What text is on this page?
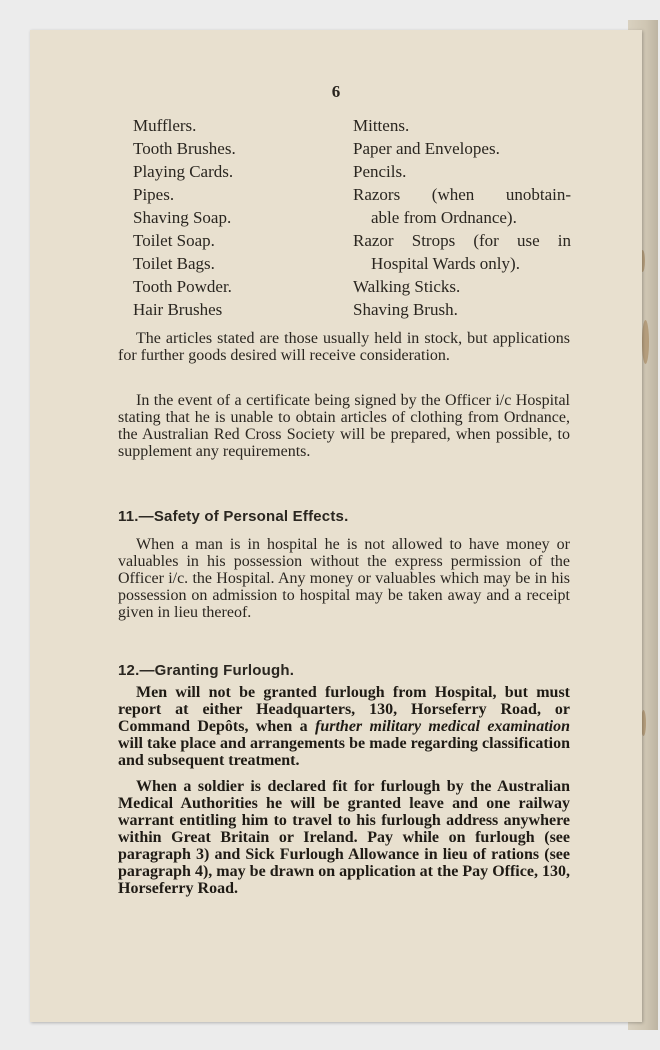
6
Mufflers.
Tooth Brushes.
Playing Cards.
Pipes.
Shaving Soap.
Toilet Soap.
Toilet Bags.
Tooth Powder.
Hair Brushes
Mittens.
Paper and Envelopes.
Pencils.
Razors (when unobtain-
able from Ordnance).
Razor Strops (for use in
Hospital Wards only).
Walking Sticks.
Shaving Brush.

The articles stated are those usually held in stock, but applications for further goods desired will receive consideration.

In the event of a certificate being signed by the Officer i/c Hospital stating that he is unable to obtain articles of clothing from Ordnance, the Australian Red Cross Society will be prepared, when possible, to supplement any requirements.

11.—Safety of Personal Effects.

When a man is in hospital he is not allowed to have money or valuables in his possession without the express permission of the Officer i/c. the Hospital. Any money or valuables which may be in his possession on admission to hospital may be taken away and a receipt given in lieu thereof.

12.—Granting Furlough.

Men will not be granted furlough from Hospital, but must report at either Headquarters, 130, Horseferry Road, or Command Depôts, when a further military medical examination will take place and arrangements be made regarding classification and subsequent treatment.

When a soldier is declared fit for furlough by the Australian Medical Authorities he will be granted leave and one railway warrant entitling him to travel to his furlough address anywhere within Great Britain or Ireland. Pay while on furlough (see paragraph 3) and Sick Furlough Allowance in lieu of rations (see paragraph 4), may be drawn on application at the Pay Office, 130, Horseferry Road.
